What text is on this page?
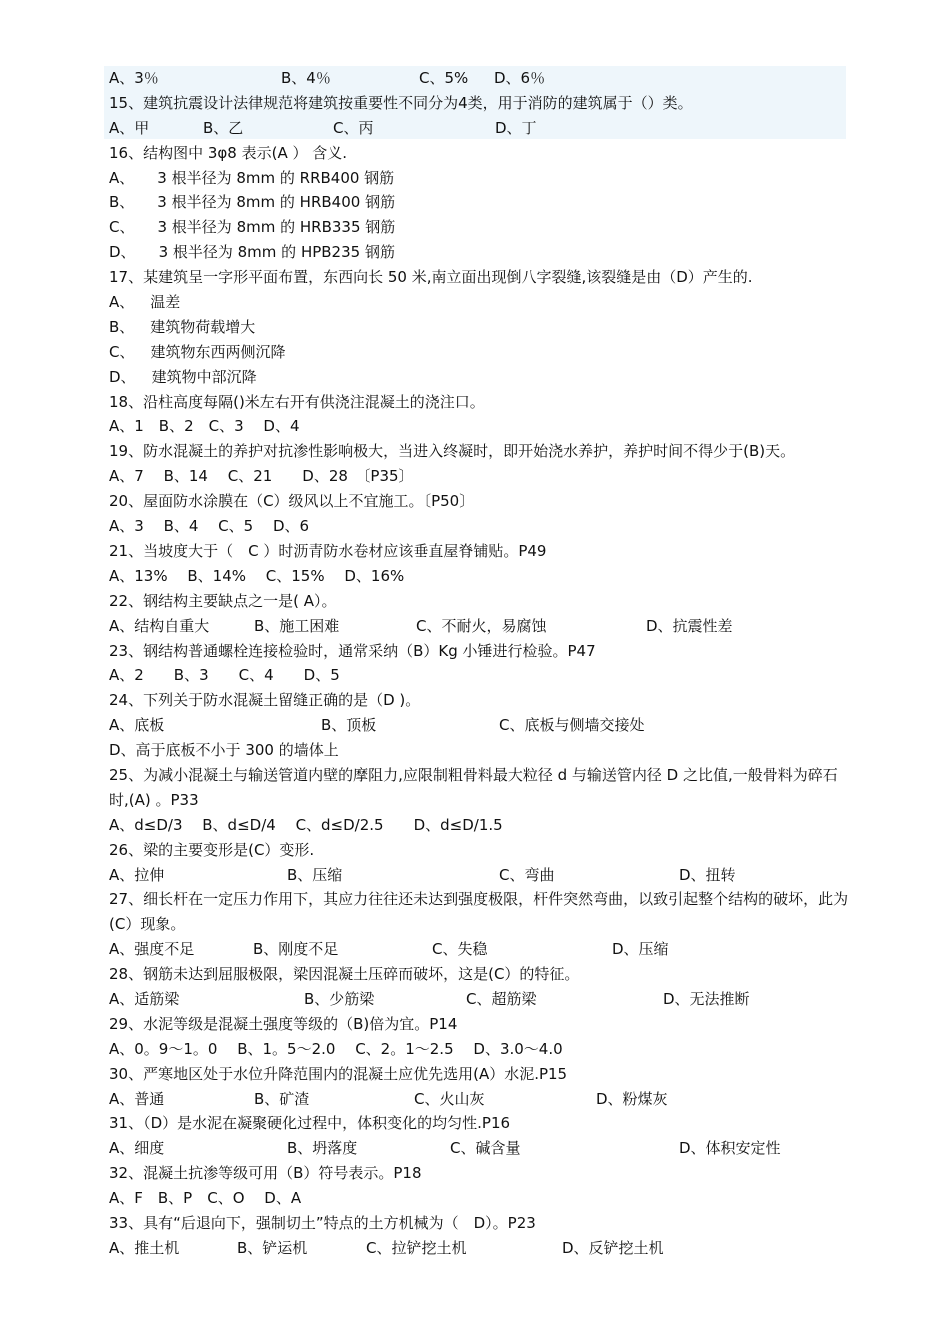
A、3％	B、4％	C、5% D、6％
15、建筑抗震设计法律规范将建筑按重要性不同分为4类，用于消防的建筑属于（）类。
A、甲	B、乙	C、丙	D、丁
16、结构图中 3φ8 表示(A ） 含义.
A、 3 根半径为 8mm 的 RRB400 钢筋
B、 3 根半径为 8mm 的 HRB400 钢筋
C、 3 根半径为 8mm 的 HRB335 钢筋
D、 3 根半径为 8mm 的 HPB235 钢筋
17、某建筑呈一字形平面布置，东西向长 50 米,南立面出现倒八字裂缝,该裂缝是由（D）产生的.
A、 温差
B、 建筑物荷载增大
C、 建筑物东西两侧沉降
D、 建筑物中部沉降
18、沿柱高度每隔()米左右开有供浇注混凝土的浇注口。
A、1　B、2　C、3　 D、4
19、防水混凝土的养护对抗渗性影响极大，当进入终凝时，即开始浇水养护，养护时间不得少于(B)天。
A、7　 B、14　 C、21　　D、28　〔P35〕
20、屋面防水涂膜在（C）级风以上不宜施工。〔P50〕
A、3　 B、4　 C、5　 D、6
21、当坡度大于（　C ）时沥青防水卷材应该垂直屋脊铺贴。P49
A、13%　 B、14%　 C、15%　 D、16%
22、钢结构主要缺点之一是( A）。
A、结构自重大	B、施工困难	C、不耐火，易腐蚀	D、抗震性差
23、钢结构普通螺栓连接检验时，通常采纳（B）Kg 小锤进行检验。P47
A、2　　B、3　　C、4　　D、5
24、下列关于防水混凝土留缝正确的是（D )。
A、底板	B、顶板	C、底板与侧墙交接处
D、高于底板不小于 300 的墙体上
25、为减小混凝土与输送管道内壁的摩阻力,应限制粗骨料最大粒径 d 与输送管内径 D 之比值,一般骨料为碎石时,(A) 。P33
A、d≤D/3　 B、d≤D/4　 C、d≤D/2.5　　D、d≤D/1.5
26、梁的主要变形是(C）变形.
A、拉伸	B、压缩	C、弯曲	D、扭转
27、细长杆在一定压力作用下，其应力往往还未达到强度极限，杆件突然弯曲，以致引起整个结构的破坏，此为(C）现象。
A、强度不足	B、刚度不足	C、失稳	D、压缩
28、钢筋未达到屈服极限，梁因混凝土压碎而破坏，这是(C）的特征。
A、适筋梁	B、少筋梁	C、超筋梁	D、无法推断
29、水泥等级是混凝土强度等级的（B)倍为宜。P14
A、0。9～1。0　 B、1。5～2.0　 C、2。1～2.5　 D、3.0～4.0
30、严寒地区处于水位升降范围内的混凝土应优先选用(A）水泥.P15
A、普通	B、矿渣	C、火山灰	D、粉煤灰
31、（D）是水泥在凝聚硬化过程中，体积变化的均匀性.P16
A、细度	B、坍落度	C、碱含量	D、体积安定性
32、混凝土抗渗等级可用（B）符号表示。P18
A、F　B、P　C、O　 D、A
33、具有“后退向下，强制切土”特点的土方机械为（　D）。P23
A、推土机	B、铲运机	C、拉铲挖土机	D、反铲挖土机
